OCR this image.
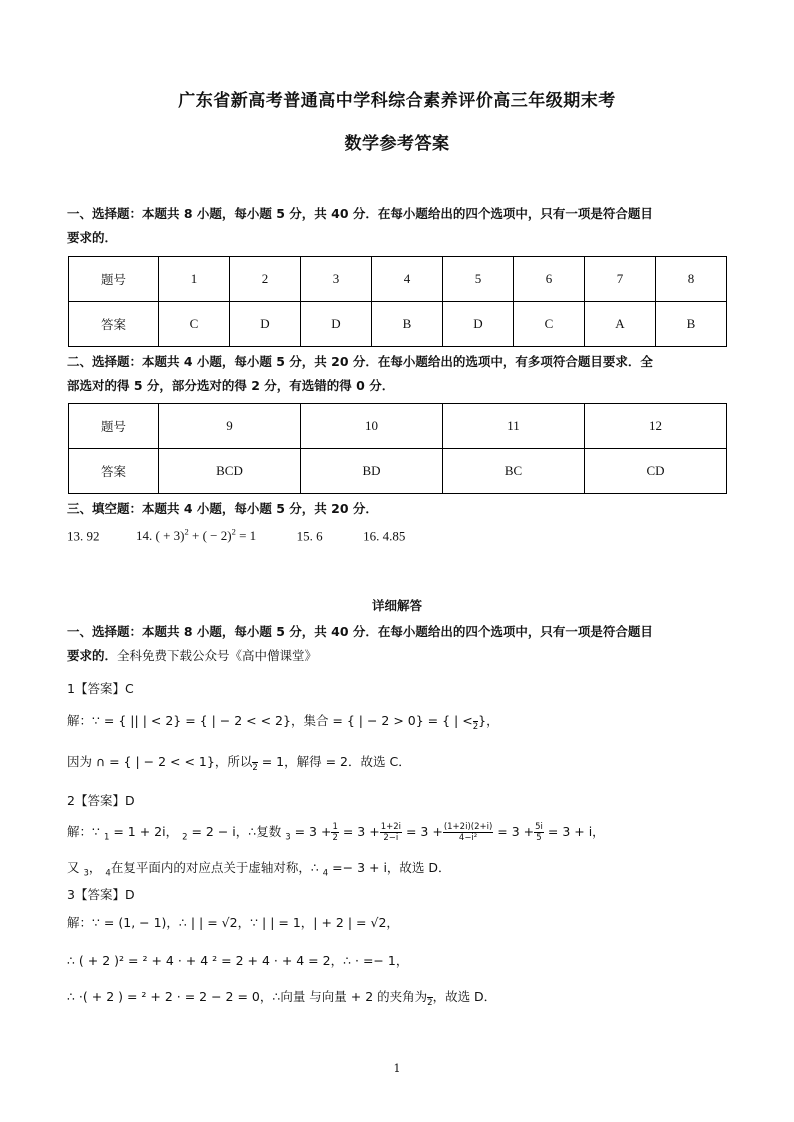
广东省新高考普通高中学科综合素养评价高三年级期末考
数学参考答案
一、选择题：本题共 8 小题，每小题 5 分，共 40 分．在每小题给出的四个选项中，只有一项是符合题目
要求的．
题号	1	2	3	4	5	6	7	8
答案	C	D	D	B	D	C	A	B
二、选择题：本题共 4 小题，每小题 5 分，共 20 分．在每小题给出的选项中，有多项符合题目要求．全
部选对的得 5 分，部分选对的得 2 分，有选错的得 0 分．
题号	9	10	11	12
答案	BCD	BD	BC	CD
三、填空题：本题共 4 小题，每小题 5 分，共 20 分．
13. 92	14. ( + 3)$^2$ + ( − 2)$^2$ = 1	15. 6	16. 4.85
详细解答
一、选择题：本题共 8 小题，每小题 5 分，共 40 分．在每小题给出的四个选项中，只有一项是符合题目
要求的．全科免费下载公众号《高中僧课堂》
1【答案】C
解：∵ = { || | < 2} = { | − 2 < < 2}，集合 = { | − 2 > 0} = { | < 2 }，
因为 ∩ = { | − 2 < < 1}，所以 2 = 1，解得 = 2．故选 C．
2【答案】D
解：∵ $_1$ = 1 + 2i， $_2$ = 2 − i，∴复数 $_3 = 3 + \frac{1}{2} = 3 + \frac{1+2i}{2-i} = 3 + \frac{(1+2i)(2+i)}{\text{4−i²}} = 3 + \frac{5i}{5} = 3 + i$，
又 $_3$， $_4$在复平面内的对应点关于虚轴对称，∴ $_4$ =− 3 + i，故选 D．
3【答案】D
解：∵ = (1, − 1)，∴ | | = √2，∵ | | = 1，| + 2 | = √2，
∴ ( + 2 )² = ² + 4 · + 4 ² = 2 + 4 · + 4 = 2，∴ · =− 1，
∴ ·( + 2 ) = ² + 2 · = 2 − 2 = 0，∴向量 与向量 + 2 的夹角为 2 ，故选 D．
1
